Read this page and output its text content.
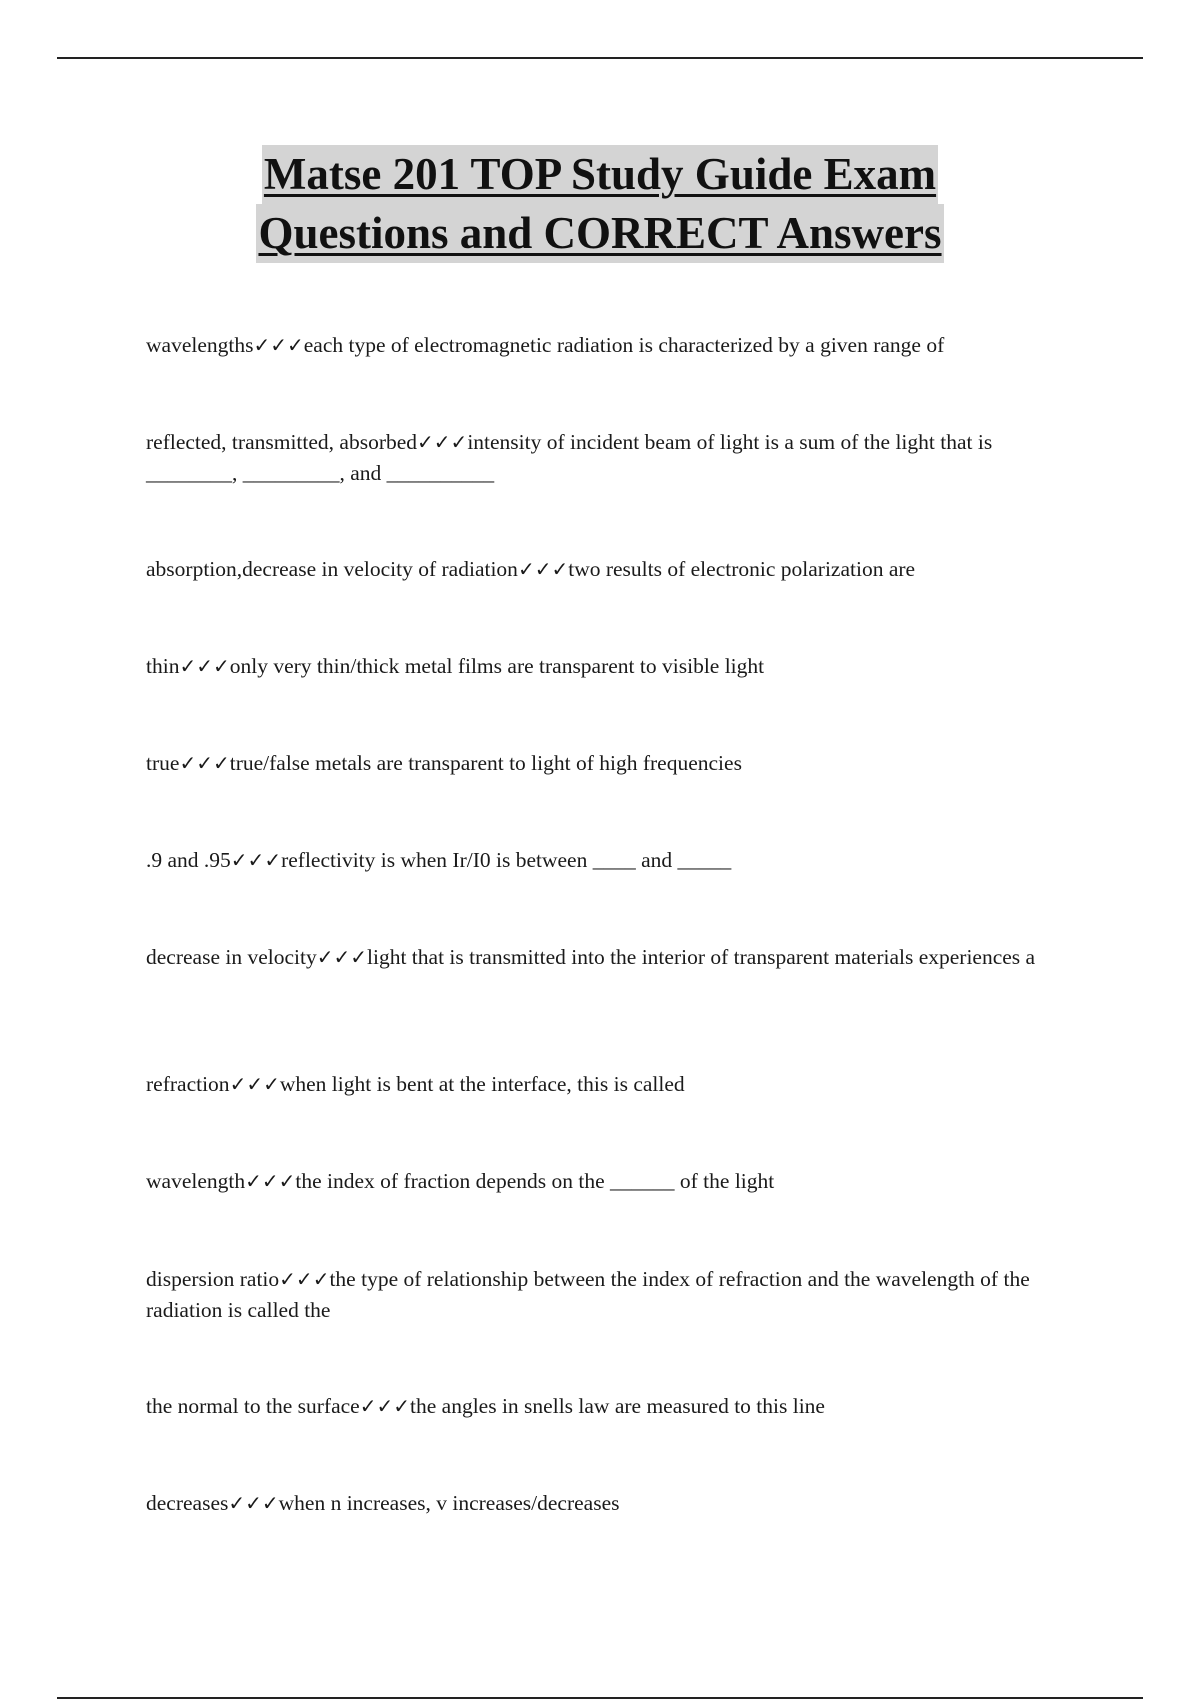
Matse 201 TOP Study Guide Exam
Questions and CORRECT Answers
wavelengths✓✓✓each type of electromagnetic radiation is characterized by a given range of
reflected, transmitted, absorbed✓✓✓intensity of incident beam of light is a sum of the light that is ________, _________, and __________
absorption,decrease in velocity of radiation✓✓✓two results of electronic polarization are
thin✓✓✓only very thin/thick metal films are transparent to visible light
true✓✓✓true/false metals are transparent to light of high frequencies
.9 and .95✓✓✓reflectivity is when Ir/I0 is between ____ and _____
decrease in velocity✓✓✓light that is transmitted into the interior of transparent materials experiences a
refraction✓✓✓when light is bent at the interface, this is called
wavelength✓✓✓the index of fraction depends on the ______ of the light
dispersion ratio✓✓✓the type of relationship between the index of refraction and the wavelength of the radiation is called the
the normal to the surface✓✓✓the angles in snells law are measured to this line
decreases✓✓✓when n increases, v increases/decreases
